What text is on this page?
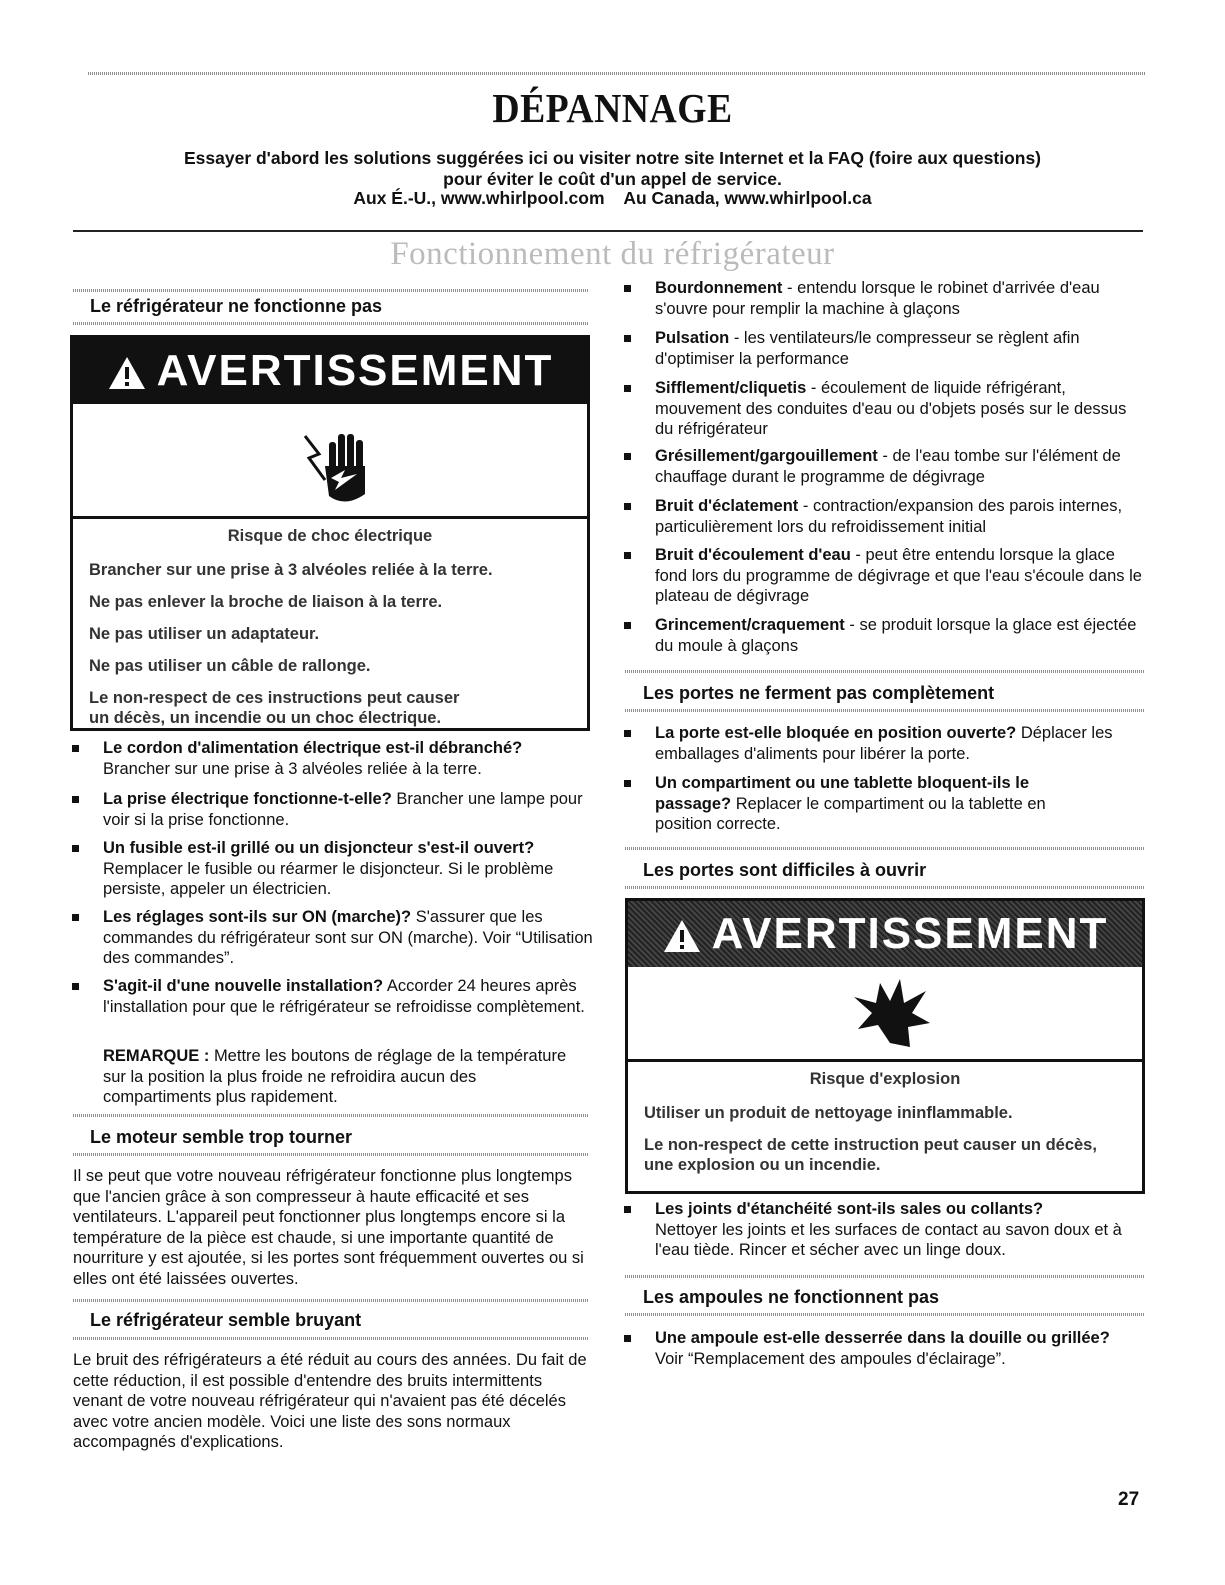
DÉPANNAGE
Essayer d'abord les solutions suggérées ici ou visiter notre site Internet et la FAQ (foire aux questions)
pour éviter le coût d'un appel de service.
Aux É.-U., www.whirlpool.com    Au Canada, www.whirlpool.ca
Fonctionnement du réfrigérateur
Le réfrigérateur ne fonctionne pas
AVERTISSEMENT
Risque de choc électrique
Brancher sur une prise à 3 alvéoles reliée à la terre.
Ne pas enlever la broche de liaison à la terre.
Ne pas utiliser un adaptateur.
Ne pas utiliser un câble de rallonge.
Le non-respect de ces instructions peut causer
un décès, un incendie ou un choc électrique.
Le cordon d'alimentation électrique est-il débranché?
Brancher sur une prise à 3 alvéoles reliée à la terre.
La prise électrique fonctionne-t-elle? Brancher une lampe pour voir si la prise fonctionne.
Un fusible est-il grillé ou un disjoncteur s'est-il ouvert?
Remplacer le fusible ou réarmer le disjoncteur. Si le problème persiste, appeler un électricien.
Les réglages sont-ils sur ON (marche)? S'assurer que les commandes du réfrigérateur sont sur ON (marche). Voir “Utilisation des commandes”.
S'agit-il d'une nouvelle installation? Accorder 24 heures après l'installation pour que le réfrigérateur se refroidisse complètement.
REMARQUE : Mettre les boutons de réglage de la température sur la position la plus froide ne refroidira aucun des compartiments plus rapidement.
Le moteur semble trop tourner
Il se peut que votre nouveau réfrigérateur fonctionne plus longtemps que l'ancien grâce à son compresseur à haute efficacité et ses ventilateurs. L'appareil peut fonctionner plus longtemps encore si la température de la pièce est chaude, si une importante quantité de nourriture y est ajoutée, si les portes sont fréquemment ouvertes ou si elles ont été laissées ouvertes.
Le réfrigérateur semble bruyant
Le bruit des réfrigérateurs a été réduit au cours des années. Du fait de cette réduction, il est possible d'entendre des bruits intermittents venant de votre nouveau réfrigérateur qui n'avaient pas été décelés avec votre ancien modèle. Voici une liste des sons normaux accompagnés d'explications.
Bourdonnement - entendu lorsque le robinet d'arrivée d'eau s'ouvre pour remplir la machine à glaçons
Pulsation - les ventilateurs/le compresseur se règlent afin d'optimiser la performance
Sifflement/cliquetis - écoulement de liquide réfrigérant, mouvement des conduites d'eau ou d'objets posés sur le dessus du réfrigérateur
Grésillement/gargouillement - de l'eau tombe sur l'élément de chauffage durant le programme de dégivrage
Bruit d'éclatement - contraction/expansion des parois internes, particulièrement lors du refroidissement initial
Bruit d'écoulement d'eau - peut être entendu lorsque la glace fond lors du programme de dégivrage et que l'eau s'écoule dans le plateau de dégivrage
Grincement/craquement - se produit lorsque la glace est éjectée du moule à glaçons
Les portes ne ferment pas complètement
La porte est-elle bloquée en position ouverte? Déplacer les emballages d'aliments pour libérer la porte.
Un compartiment ou une tablette bloquent-ils le passage? Replacer le compartiment ou la tablette en position correcte.
Les portes sont difficiles à ouvrir
AVERTISSEMENT
Risque d'explosion
Utiliser un produit de nettoyage ininflammable.
Le non-respect de cette instruction peut causer un décès,
une explosion ou un incendie.
Les joints d'étanchéité sont-ils sales ou collants?
Nettoyer les joints et les surfaces de contact au savon doux et à l'eau tiède. Rincer et sécher avec un linge doux.
Les ampoules ne fonctionnent pas
Une ampoule est-elle desserrée dans la douille ou grillée?
Voir “Remplacement des ampoules d'éclairage”.
27
